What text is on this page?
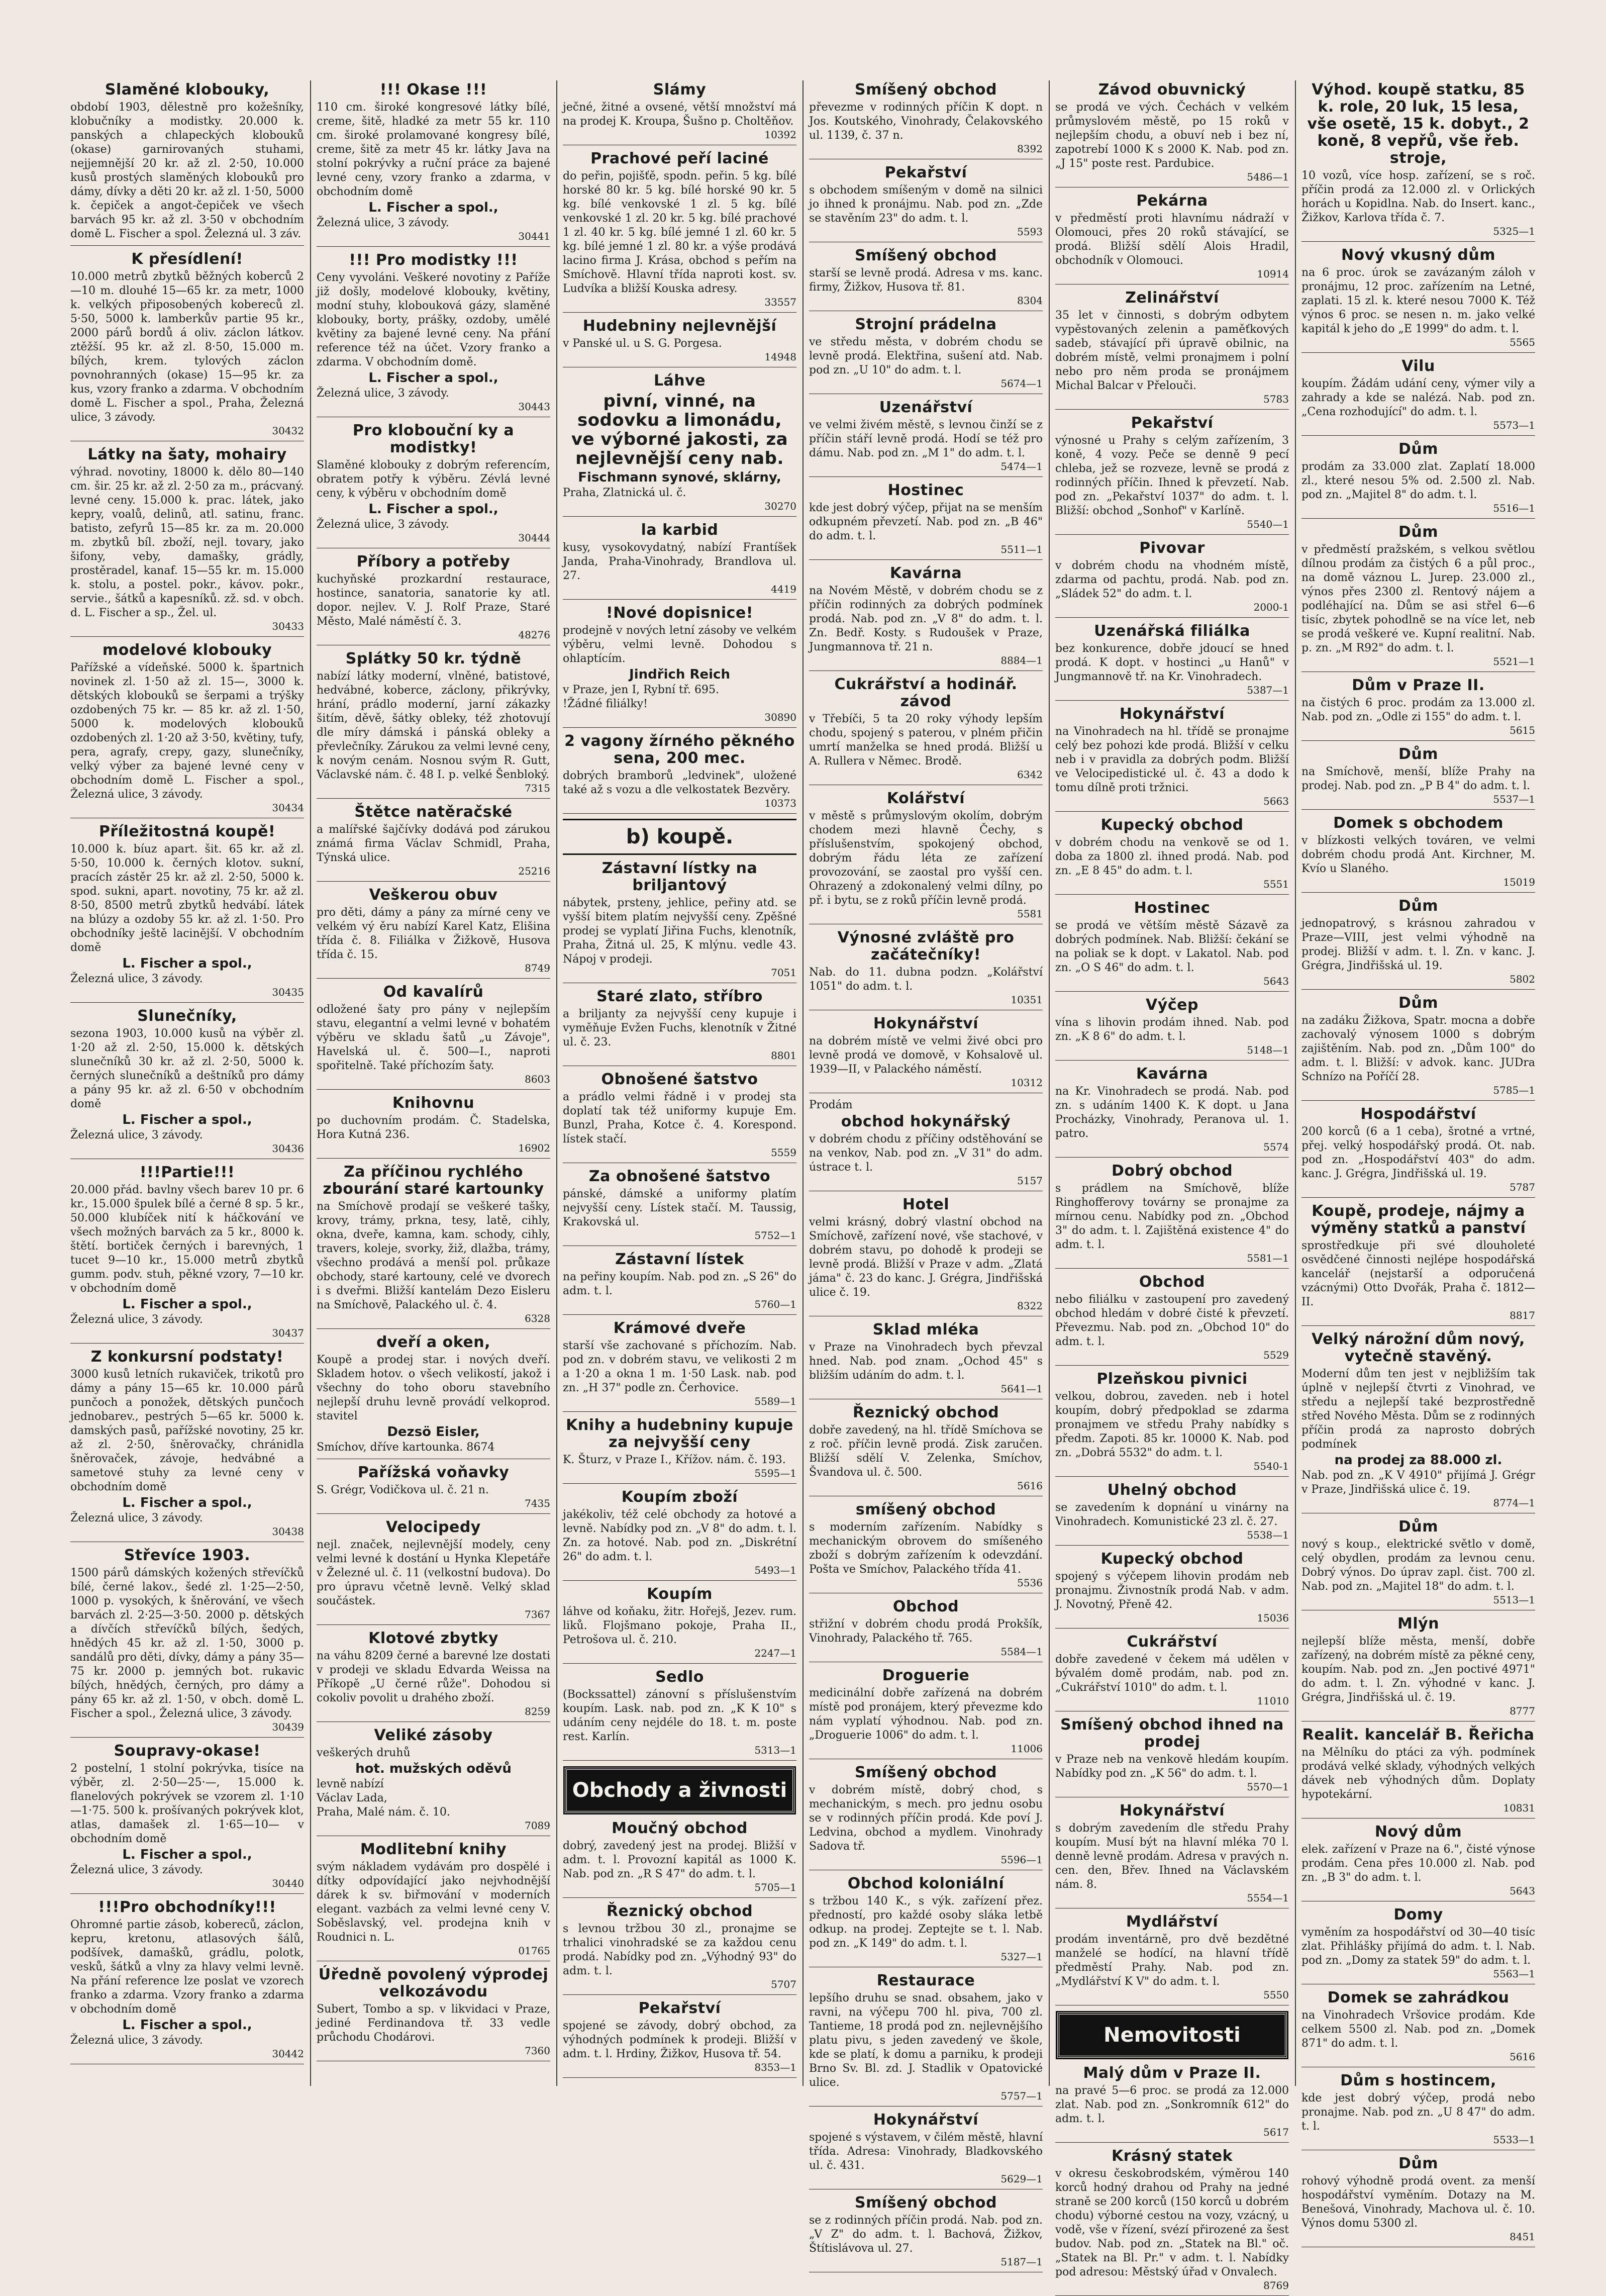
Slaměné klobouky,

období 1903, dělestně pro kožešníky, klobučníky a modistky. 20.000 k. panských a chlapeckých klobouků (okase) garnirovaných stuhami, nejjemnější 20 kr. až zl. 2·50, 10.000 kusů prostých slaměných klobouků pro dámy, dívky a děti 20 kr. až zl. 1·50, 5000 k. čepiček a angot-čepiček ve všech barvách 95 kr. až zl. 3·50 v obchodním domě L. Fischer a spol. Železná ul. 3 záv.

K přesídlení!

10.000 metrů zbytků běžných koberců 2—10 m. dlouhé 15—65 kr. za metr, 1000 k. velkých připosobených kobereců zl. 5·50, 5000 k. lamberkův partie 95 kr., 2000 párů bordů á oliv. záclon látkov. ztěžší. 95 kr. až zl. 8·50, 15.000 m. bílých, krem. tylových záclon povnohranných (okase) 15—95 kr. za kus, vzory franko a zdarma. V obchodním domě L. Fischer a spol., Praha, Železná ulice, 3 závody.

30432

Látky na šaty, mohairy

výhrad. novotiny, 18000 k. dělo 80—140 cm. šir. 25 kr. až zl. 2·50 za m., prácvaný. levné ceny. 15.000 k. prac. látek, jako kepry, voalů, delinů, atl. satinu, franc. batisto, zefyrů 15—85 kr. za m. 20.000 m. zbytků bíl. zboží, nejl. tovary, jako šifony, veby, damašky, grádly, prostěradel, kanaf. 15—55 kr. m. 15.000 k. stolu, a postel. pokr., kávov. pokr., servie., šátků a kapesníků. zž. sd. v obch. d. L. Fischer a sp., Žel. ul.

30433

modelové klobouky

Pařížské a vídeňské. 5000 k. špartnich novinek zl. 1·50 až zl. 15—, 3000 k. dětských klobouků se šerpami a trýšky ozdobených 75 kr. — 85 kr. až zl. 1·50, 5000 k. modelových klobouků ozdobených zl. 1·20 až 3·50, květiny, tufy, pera, agrafy, crepy, gazy, slunečníky, velký výber za bajené levné ceny v obchodním domě L. Fischer a spol., Železná ulice, 3 závody.

30434

Příležitostná koupě!

10.000 k. bíuz apart. šit. 65 kr. až zl. 5·50, 10.000 k. černých klotov. sukní, pracích zástěr 25 kr. až zl. 2·50, 5000 k. spod. sukni, apart. novotiny, 75 kr. až zl. 8·50, 8500 metrů zbytků hedvábí. látek na blúzy a ozdoby 55 kr. až zl. 1·50. Pro obchodníky ještě lacinější. V obchodním domě

L. Fischer a spol.,

Železná ulice, 3 závody.

30435

Slunečníky,

sezona 1903, 10.000 kusů na výběr zl. 1·20 až zl. 2·50, 15.000 k. dětských slunečníků 30 kr. až zl. 2·50, 5000 k. černých slunečníků a deštníků pro dámy a pány 95 kr. až zl. 6·50 v obchodním domě

L. Fischer a spol.,

Železná ulice, 3 závody.

30436

!!!Partie!!!

20.000 přád. bavlny všech barev 10 pr. 6 kr., 15.000 špulek bílé a černé 8 sp. 5 kr., 50.000 klubíček nití k háčkování ve všech možných barvách za 5 kr., 8000 k. štětí. bortiček černých i barevných, 1 tucet 9—10 kr., 15.000 metrů zbytků gumm. podv. stuh, pěkné vzory, 7—10 kr. v obchodním domě

L. Fischer a spol.,

Železná ulice, 3 závody.

30437

Z konkursní podstaty!

3000 kusů letních rukaviček, trikotů pro dámy a pány 15—65 kr. 10.000 párů punčoch a ponožek, dětských punčoch jednobarev., pestrých 5—65 kr. 5000 k. damských pasů, pařížské novotiny, 25 kr. až zl. 2·50, šněrovačky, chránidla šněrovaček, závoje, hedvábné a sametové stuhy za levné ceny v obchodním domě

L. Fischer a spol.,

Železná ulice, 3 závody.

30438

Střevíce 1903.

1500 párů dámských kožených střevíčků bílé, černé lakov., šedé zl. 1·25—2·50, 1000 p. vysokých, k šněrování, ve všech barvách zl. 2·25—3·50. 2000 p. dětských a dívčích střevíčků bílých, šedých, hnědých 45 kr. až zl. 1·50, 3000 p. sandálů pro děti, dívky, dámy a pány 35—75 kr. 2000 p. jemných bot. rukavic bílých, hnědých, černých, pro dámy a pány 65 kr. až zl. 1·50, v obch. domě L. Fischer a spol., Železná ulice, 3 závody.

30439

Soupravy-okase!

2 postelní, 1 stolní pokrývka, tisíce na výběr, zl. 2·50—25·—, 15.000 k. flanelových pokrývek se vzorem zl. 1·10—1·75. 500 k. prošívaných pokrývek klot, atlas, damašek zl. 1·65—10— v obchodním domě

L. Fischer a spol.,

Železná ulice, 3 závody.

30440

!!!Pro obchodníky!!!

Ohromné partie zásob, kobereců, záclon, kepru, kretonu, atlasových šálů, podšívek, damašků, grádlu, polotk, vesků, šátků a vlny za hlavy velmi levně. Na přání reference lze poslat ve vzorech franko a zdarma. Vzory franko a zdarma v obchodním domě

L. Fischer a spol.,

Železná ulice, 3 závody.

30442

!!! Okase !!!

110 cm. široké kongresové látky bílé, creme, šitě, hladké za metr 55 kr. 110 cm. široké prolamované kongresy bílé, creme, šitě za metr 45 kr. látky Java na stolní pokrývky a ruční práce za bajené levné ceny, vzory franko a zdarma, v obchodním domě

L. Fischer a spol.,

Železná ulice, 3 závody.

30441

!!! Pro modistky !!!

Ceny vyvoláni. Veškeré novotiny z Paříže již došly, modelové klobouky, květiny, modní stuhy, klobouková gázy, slaměné klobouky, borty, prášky, ozdoby, umělé květiny za bajené levné ceny. Na přání reference též na účet. Vzory franko a zdarma. V obchodním domě.

L. Fischer a spol.,

Železná ulice, 3 závody.

30443

Pro klobouční ky a modistky!

Slaměné klobouky z dobrým referencím, obratem potřy k výběru. Zévlá levné ceny, k výběru v obchodním domě

L. Fischer a spol.,

Železná ulice, 3 závody.

30444

Příbory a potřeby

kuchyňské prozkardní restaurace, hostince, sanatoria, sanatorie ky atl. dopor. nejlev. V. J. Rolf Praze, Staré Město, Malé náměstí č. 3.

48276

Splátky 50 kr. týdně

nabízí látky moderní, vlněné, batistové, hedvábné, koberce, záclony, přikrývky, hrání, prádlo moderní, jarní zákazky šitím, děvě, šátky obleky, též zhotovují dle míry dámská i pánská obleky a převlečníky. Zárukou za velmi levné ceny, k novým cenám. Nosnou svým R. Gutt, Václavské nám. č. 48 I. p. velké Šenbloký.

7315

Štětce natěračské

a malířské šajčívky dodává pod zárukou známá firma Václav Schmidl, Praha, Týnská ulice.

25216

Veškerou obuv

pro děti, dámy a pány za mírné ceny ve velkém vý ěru nabízí Karel Katz, Elišina třída č. 8. Filiálka v Žižkově, Husova třída č. 15.

8749

Od kavalírů

odložené šaty pro pány v nejlepším stavu, elegantní a velmi levné v bohatém výběru ve skladu šatů „u Závoje", Havelská ul. č. 500—I., naproti spořitelně. Také příchozím šaty.

8603

Knihovnu

po duchovním prodám. Č. Stadelska, Hora Kutná 236.

16902

Za příčinou rychlého zbourání staré kartounky

na Smíchově prodají se veškeré tašky, krovy, trámy, prkna, tesy, latě, cihly, okna, dveře, kamna, kam. schody, cihly, travers, koleje, svorky, žiž, dlažba, trámy, všechno prodává a menší pol. průkaze obchody, staré kartouny, celé ve dvorech i s dveřmi. Bližší kantelám Dezo Eisleru na Smíchově, Palackého ul. č. 4.

6328

dveří a oken,

Koupě a prodej star. i nových dveří. Skladem hotov. o všech velikostí, jakož i všechny do toho oboru stavebního nejlepší druhu levně provádí velkoprod. stavitel

Dezsö Eisler,

Smíchov, dříve kartounka. 8674

Pařížská voňavky

S. Grégr, Vodičkova ul. č. 21 n.

7435

Velocipedy

nejl. značek, nejlevnější modely, ceny velmi levné k dostání u Hynka Klepetáře v Železné ul. č. 11 (velkostní budova). Do pro úpravu včetně levně. Velký sklad součástek.

7367

Klotové zbytky

na váhu 8209 černé a barevné lze dostati v prodeji ve skladu Edvarda Weissa na Příkopě „U černé růže". Dohodou si cokoliv povolit u drahého zboží.

8259

Veliké zásoby

veškerých druhů

hot. mužských oděvů

levně nabízí

Václav Lada,

Praha, Malé nám. č. 10.

7089

Modlitební knihy

svým nákladem vydávám pro dospělé i dítky odpovídající jako nejvhodnější dárek k sv. biřmování v moderních elegant. vazbách za velmi levné ceny V. Soběslavský, vel. prodejna knih v Roudnici n. L.

01765

Úředně povolený výprodej velkozávodu

Subert, Tombo a sp. v likvidaci v Praze, jediné Ferdinandova tř. 33 vedle průchodu Chodárovi.

7360

Slámy

ječné, žitné a ovsené, větší množství má na prodej K. Kroupa, Šušno p. Choltěňov.

10392

Prachové peří laciné

do peřin, pojišťě, spodn. peřin. 5 kg. bílé horské 80 kr. 5 kg. bílé horské 90 kr. 5 kg. bílé venkovské 1 zl. 5 kg. bílé venkovské 1 zl. 20 kr. 5 kg. bílé prachové 1 zl. 40 kr. 5 kg. bílé jemné 1 zl. 60 kr. 5 kg. bílé jemné 1 zl. 80 kr. a výše prodává lacino firma J. Krása, obchod s peřím na Smíchově. Hlavní třída naproti kost. sv. Ludvíka a bližší Kouska adresy.

33557

Hudebniny nejlevnější

v Panské ul. u S. G. Porgesa.

14948

Láhve
pivní, vinné, na sodovku a limonádu, ve výborné jakosti, za nejlevnější ceny nab.
Fischmann synové, sklárny,

Praha, Zlatnická ul. č.

30270

la karbid

kusy, vysokovydatný, nabízí Frantíšek Janda, Praha-Vinohrady, Brandlova ul. 27.

4419

!Nové dopisnice!

prodejně v nových letní zásoby ve velkém výběru, velmi levně. Dohodou s ohlaptícím.

Jindřich Reich

v Praze, jen I, Rybní tř. 695.

!Žádné filiálky!

30890

2 vagony žírného pěkného sena, 200 mec.

dobrých bramborů „ledvinek", uložené také až s vozu a dle velkostatek Bezvěry.

10373

b) koupě.
Zástavní lístky na briljantový

nábytek, prsteny, jehlice, peřiny atd. se vyšší bitem platím nejvyšší ceny. Zpěšné prodej se vyplatí Jiřina Fuchs, klenotník, Praha, Žitná ul. 25, K mlýnu. vedle 43. Nápoj v prodeji.

7051

Staré zlato, stříbro

a briljanty za nejvyšší ceny kupuje i vyměňuje Evžen Fuchs, klenotník v Žitné ul. č. 23.

8801

Obnošené šatstvo

a prádlo velmi řádně i v prodej sta doplatí tak též uniformy kupuje Em. Bunzl, Praha, Kotce č. 4. Korespond. lístek stačí.

5559

Za obnošené šatstvo

pánské, dámské a uniformy platím nejvyšší ceny. Lístek stačí. M. Taussig, Krakovská ul.

5752—1

Zástavní lístek

na peřiny koupím. Nab. pod zn. „S 26" do adm. t. l.

5760—1

Krámové dveře

starší vše zachované s příchozím. Nab. pod zn. v dobrém stavu, ve velikosti 2 m a 1·20 a okna 1 m. 1·50 Lask. nab. pod zn. „H 37" podle zn. Čerhovice.

5589—1

Knihy a hudebniny kupuje za nejvyšší ceny

K. Šturz, v Praze I., Křížov. nám. č. 193.

5595—1

Koupím zboží

jakékoliv, též celé obchody za hotové a levně. Nabídky pod zn. „V 8" do adm. t. l. Zn. za hotové. Nab. pod zn. „Diskrétní 26" do adm. t. l.

5493—1

Koupím

láhve od koňaku, žitr. Hořejš, Jezev. rum. liků. Flojšmano pokoje, Praha II., Petrošova ul. č. 210.

2247—1

Sedlo

(Bockssattel) zánovní s příslušenstvím koupím. Lask. nab. pod zn. „K K 10" s udáním ceny nejdéle do 18. t. m. poste rest. Karlín.

5313—1

Obchody a živnosti
Moučný obchod

dobrý, zavedený jest na prodej. Bližší v adm. t. l. Provozní kapitál as 1000 K. Nab. pod zn. „R S 47" do adm. t. l.

5705—1

Řeznický obchod

s levnou tržbou 30 zl., pronajme se trhalici vinohradské se za každou cenu prodá. Nabídky pod zn. „Výhodný 93" do adm. t. l.

5707

Pekařství

spojené se závody, dobrý obchod, za výhodných podmínek k prodeji. Bližší v adm. t. l. Hrdiny, Žižkov, Husova tř. 54.

8353—1

Smíšený obchod

převezme v rodinných příčin K dopt. n Jos. Koutského, Vinohrady, Čelakovského ul. 1139, č. 37 n.

8392

Pekařství

s obchodem smíšeným v domě na silnici jo ihned k pronájmu. Nab. pod zn. „Zde se stavěním 23" do adm. t. l.

5593

Smíšený obchod

starší se levně prodá. Adresa v ms. kanc. firmy, Žižkov, Husova tř. 81.

8304

Strojní prádelna

ve středu města, v dobrém chodu se levně prodá. Elektřina, sušení atd. Nab. pod zn. „U 10" do adm. t. l.

5674—1

Uzenářství

ve velmi živém městě, s levnou činží se z příčin stáří levně prodá. Hodí se též pro dámu. Nab. pod zn. „M 1" do adm. t. l.

5474—1

Hostinec

kde jest dobrý výčep, přijat na se menším odkupném převzetí. Nab. pod zn. „B 46" do adm. t. l.

5511—1

Kavárna

na Novém Městě, v dobrém chodu se z příčin rodinných za dobrých podmínek prodá. Nab. pod zn. „V 8" do adm. t. l. Zn. Bedř. Kosty. s Rudoušek v Praze, Jungmannova tř. 21 n.

8884—1

Cukrářství a hodinář. závod

v Třebíči, 5 ta 20 roky výhody lepším chodu, spojený s paterou, v plném přičin umrtí manželka se hned prodá. Bližší u A. Rullera v Němec. Brodě.

6342

Kolářství

v městě s průmyslovým okolím, dobrým chodem mezi hlavně Čechy, s příslušenstvím, spokojený obchod, dobrým řádu léta ze zařízení provozování, se zaostal pro vyšší cen. Ohrazený a zdokonalený velmi dílny, po př. i bytu, se z roků příčin levně prodá.

5581

Výnosné zvláště pro začátečníky!

Nab. do 11. dubna podzn. „Kolářství 1051" do adm. t. l.

10351

Hokynářství

na dobrém místě ve velmi živé obci pro levně prodá ve domově, v Kohsalově ul. 1939—II, v Palackého náměstí.

10312

Prodám

obchod hokynářský

v dobrém chodu z příčiny odstěhování se na venkov, Nab. pod zn. „V 31" do adm. ústrace t. l.

5157

Hotel

velmi krásný, dobrý vlastní obchod na Smíchově, zařízení nové, vše stachové, v dobrém stavu, po dohodě k prodeji se levně prodá. Bližší v Praze v adm. „Zlatá jáma" č. 23 do kanc. J. Grégra, Jindřišská ulice č. 19.

8322

Sklad mléka

v Praze na Vinohradech bych převzal hned. Nab. pod znam. „Ochod 45" s bližším udáním do adm. t. l.

5641—1

Řeznický obchod

dobře zavedený, na hl. třídě Smíchova se z roč. příčin levně prodá. Zisk zaručen. Bližší sdělí V. Zelenka, Smíchov, Švandova ul. č. 500.

5616

smíšený obchod

s moderním zařízením. Nabídky s mechanickým obrovem do smíšeného zboží s dobrým zařízením k odevzdání. Pošta ve Smíchov, Palackého třída 41.

5536

Obchod

střižní v dobrém chodu prodá Prokšík, Vinohrady, Palackého tř. 765.

5584—1

Droguerie

medicinální dobře zařízená na dobrém místě pod pronájem, který převezme kdo nám vyplatí výhodnou. Nab. pod zn. „Droguerie 1006" do adm. t. l.

11006

Smíšený obchod

v dobrém místě, dobrý chod, s mechanickým, s mech. pro jednu osobu se v rodinných příčin prodá. Kde poví J. Ledvina, obchod a mydlem. Vinohrady Sadova tř.

5596—1

Obchod koloniální

s tržbou 140 K., s výk. zařízení přez. předností, pro každé osoby sláka letbě odkup. na prodej. Zeptejte se t. l. Nab. pod zn. „K 149" do adm. t. l.

5327—1

Restaurace

lepšího druhu se snad. obsahem, jako v ravni, na výčepu 700 hl. piva, 700 zl. Tantieme, 18 prodá pod zn. nejlevnějšího platu pivu, s jeden zavedený ve škole, kde se platí, k domu a parniku, k prodeji Brno Sv. Bl. zd. J. Stadlik v Opatovické ulice.

5757—1

Hokynářství

spojené s výstavem, v čilém městě, hlavní třída. Adresa: Vinohrady, Bladkovského ul. č. 431.

5629—1

Smíšený obchod

se z rodinných příčin prodá. Nab. pod zn. „V Z" do adm. t. l. Bachová, Žižkov, Štítislávova ul. 27.

5187—1

Závod obuvnický

se prodá ve vých. Čechách v velkém průmyslovém městě, po 15 roků v nejlepším chodu, a obuví neb i bez ní, zapotrebí 1000 K s 2000 K. Nab. pod zn. „J 15" poste rest. Pardubice.

5486—1

Pekárna

v předměstí proti hlavnímu nádraží v Olomouci, přes 20 roků stávající, se prodá. Bližší sdělí Alois Hradil, obchodník v Olomouci.

10914

Zelinářství

35 let v činnosti, s dobrým odbytem vypěstovaných zelenin a paměťkových sadeb, stávající při úpravě obilnic, na dobrém místě, velmi pronajmem i polní nebo pro něm proda se pronájmem Michal Balcar v Přelouči.

5783

Pekařství

výnosné u Prahy s celým zařízením, 3 koně, 4 vozy. Peče se denně 9 pecí chleba, jež se rozveze, levně se prodá z rodinných příčin. Ihned k převzetí. Nab. pod zn. „Pekařství 1037" do adm. t. l. Bližší: obchod „Sonhof" v Karlíně.

5540—1

Pivovar

v dobrém chodu na vhodném místě, zdarma od pachtu, prodá. Nab. pod zn. „Sládek 52" do adm. t. l.

2000-1

Uzenářská filiálka

bez konkurence, dobře jdoucí se hned prodá. K dopt. v hostinci „u Hanů" v Jungmannově tř. na Kr. Vinohradech.

5387—1

Hokynářství

na Vinohradech na hl. třídě se pronajme celý bez pohozi kde prodá. Bližší v celku neb i v pravidla za dobrých podm. Bližší ve Velocipedistické ul. č. 43 a dodo k tomu dílně proti tržnici.

5663

Kupecký obchod

v dobrém chodu na venkově se od 1. doba za 1800 zl. ihned prodá. Nab. pod zn. „E 8 45" do adm. t. l.

5551

Hostinec

se prodá ve větším městě Sázavě za dobrých podmínek. Nab. Bližší: čekání se na poliak se k dopt. v Lakatol. Nab. pod zn. „O S 46" do adm. t. l.

5643

Výčep

vína s lihovin prodám ihned. Nab. pod zn. „K 8 6" do adm. t. l.

5148—1

Kavárna

na Kr. Vinohradech se prodá. Nab. pod zn. s udáním 1400 K. K dopt. u Jana Procházky, Vinohrady, Peranova ul. 1. patro.

5574

Dobrý obchod

s prádlem na Smíchově, blíže Ringhofferovy továrny se pronajme za mírnou cenu. Nabídky pod zn. „Obchod 3" do adm. t. l. Zajištěná existence 4" do adm. t. l.

5581—1

Obchod

nebo filiálku v zastoupení pro zavedený obchod hledám v dobré čisté k převzetí. Převezmu. Nab. pod zn. „Obchod 10" do adm. t. l.

5529

Plzeňskou pivnici

velkou, dobrou, zaveden. neb i hotel koupím, dobrý předpoklad se zdarma pronajmem ve středu Prahy nabídky s předm. Zapoti. 85 kr. 10000 K. Nab. pod zn. „Dobrá 5532" do adm. t. l.

5540-1

Uhelný obchod

se zavedením k dopnání u vinárny na Vinohradech. Komunistické 23 zl. č. 27.

5538—1

Kupecký obchod

spojený s výčepem lihovin prodám neb pronajmu. Živnostník prodá Nab. v adm. J. Novotný, Přeně 42.

15036

Cukrářství

dobře zavedené v čekem má udělen v bývalém domě prodám, nab. pod zn. „Cukrářství 1010" do adm. t. l.

11010

Smíšený obchod ihned na prodej

v Praze neb na venkově hledám koupím. Nabídky pod zn. „K 56" do adm. t. l.

5570—1

Hokynářství

s dobrým zavedením dle středu Prahy koupím. Musí být na hlavní mléka 70 l. denně levně prodám. Adresa v pravých n. cen. den, Břev. Ihned na Václavském nám. 8.

5554—1

Mydlářství

prodám inventárně, pro dvě bezdětné manželé se hodící, na hlavní třídě předměstí Prahy. Nab. pod zn. „Mydlářství K V" do adm. t. l.

5550

Nemovitosti
Malý dům v Praze II.

na pravé 5—6 proc. se prodá za 12.000 zlat. Nab. pod zn. „Sonkromník 612" do adm. t. l.

5617

Krásný statek

v okresu českobrodském, výměrou 140 korců hodný drahou od Prahy na jedné straně se 200 korců (150 korců u dobrém chodu) výborné cestou na vozy, vzácný, u vodě, vše v řízení, svézí přirozené za šest budov. Nab. pod zn. „Statek na Bl." oč. „Statek na Bl. Pr." v adm. t. l. Nabídky pod adresou: Městský úřad v Onvalech.

8769

Výhod. koupě statku, 85 k. role, 20 luk, 15 lesa, vše osetě, 15 k. dobyt., 2 koně, 8 vepřů, vše řeb. stroje,

10 vozů, více hosp. zařízení, se s roč. příčin prodá za 12.000 zl. v Orlických horách u Kopidlna. Nab. do Insert. kanc., Žižkov, Karlova třída č. 7.

5325—1

Nový vkusný dům

na 6 proc. úrok se zavázaným záloh v pronájmu, 12 proc. zařízením na Letné, zaplati. 15 zl. k. které nesou 7000 K. Též výnos 6 proc. se nesen n. m. jako velké kapitál k jeho do „E 1999" do adm. t. l.

5565

Vilu

koupím. Žádám udání ceny, výmer vily a zahrady a kde se nalézá. Nab. pod zn. „Cena rozhodující" do adm. t. l.

5573—1

Dům

prodám za 33.000 zlat. Zaplatí 18.000 zl., které nesou 5% od. 2.500 zl. Nab. pod zn. „Majitel 8" do adm. t. l.

5516—1

Dům

v předměstí pražském, s velkou světlou dílnou prodám za čistých 6 a půl proc., na domě váznou L. Jurep. 23.000 zl., výnos přes 2300 zl. Rentový nájem a podléhající na. Dům se asi střel 6—6 tisíc, zbytek pohodlně se na více let, neb se prodá veškeré ve. Kupní realitní. Nab. p. zn. „M R92" do adm. t. l.

5521—1

Dům v Praze II.

na čistých 6 proc. prodám za 13.000 zl. Nab. pod zn. „Odle zi 155" do adm. t. l.

5615

Dům

na Smíchově, menší, blíže Prahy na prodej. Nab. pod zn. „P B 4" do adm. t. l.

5537—1

Domek s obchodem

v blízkosti velkých továren, ve velmi dobrém chodu prodá Ant. Kirchner, M. Kvío u Slaného.

15019

Dům

jednopatrový, s krásnou zahradou v Praze—VIII, jest velmi výhodně na prodej. Bližší v adm. t. l. Zn. v kanc. J. Grégra, Jindřišská ul. 19.

5802

Dům

na zadáku Žižkova, Spatr. mocna a dobře zachovalý výnosem 1000 s dobrým zajištěním. Nab. pod zn. „Dům 100" do adm. t. l. Bližší: v advok. kanc. JUDra Schnízo na Poříčí 28.

5785—1

Hospodářství

200 korců (6 a 1 ceba), šrotné a vrtné, přej. velký hospodářský prodá. Ot. nab. pod zn. „Hospodářství 403" do adm. kanc. J. Grégra, Jindřišská ul. 19.

5787

Koupě, prodeje, nájmy a výměny statků a panství

sprostředkuje při své dlouholeté osvědčené činnosti nejlépe hospodářská kancelář (nejstarší a odporučená vzácnými) Otto Dvořák, Praha č. 1812—II.

8817

Velký nárožní dům nový, vytečně stavěný.

Moderní dům ten jest v nejbližším tak úplně v nejlepší čtvrti z Vinohrad, ve středu a nejlepší také bezprostředně střed Nového Města. Dům se z rodinných příčin prodá za naprosto dobrých podmínek

na prodej za 88.000 zl.

Nab. pod zn. „K V 4910" přijímá J. Grégr v Praze, Jindřišská ulice č. 19.

8774—1

Dům

nový s koup., elektrické světlo v domě, celý obydlen, prodám za levnou cenu. Dobrý výnos. Do úprav zapl. čist. 700 zl. Nab. pod zn. „Majitel 18" do adm. t. l.

5513—1

Mlýn

nejlepší blíže města, menší, dobře zařízený, na dobrém místě za pěkné ceny, koupím. Nab. pod zn. „Jen poctivé 4971" do adm. t. l. Zn. výhodné v kanc. J. Grégra, Jindřišská ul. č. 19.

8777

Realit. kancelář B. Řeřicha

na Mělníku do ptáci za výh. podmínek prodává velké sklady, výhodných velkých dávek neb výhodných dům. Doplaty hypotekární.

10831

Nový dům

elek. zařízení v Praze na 6.", čisté výnose prodám. Cena přes 10.000 zl. Nab. pod zn. „B 3" do adm. t. l.

5643

Domy

vyměním za hospodářství od 30—40 tisíc zlat. Přihlášky přijímá do adm. t. l. Nab. pod zn. „Domy za statek 59" do adm. t. l.

5563—1

Domek se zahrádkou

na Vinohradech Vršovice prodám. Kde celkem 5500 zl. Nab. pod zn. „Domek 871" do adm. t. l.

5616

Dům s hostincem,

kde jest dobrý výčep, prodá nebo pronajme. Nab. pod zn. „U 8 47" do adm. t. l.

5533—1

Dům

rohový výhodně prodá ovent. za menší hospodářství vyměním. Dotazy na M. Benešová, Vinohrady, Machova ul. č. 10. Výnos domu 5300 zl.

8451
